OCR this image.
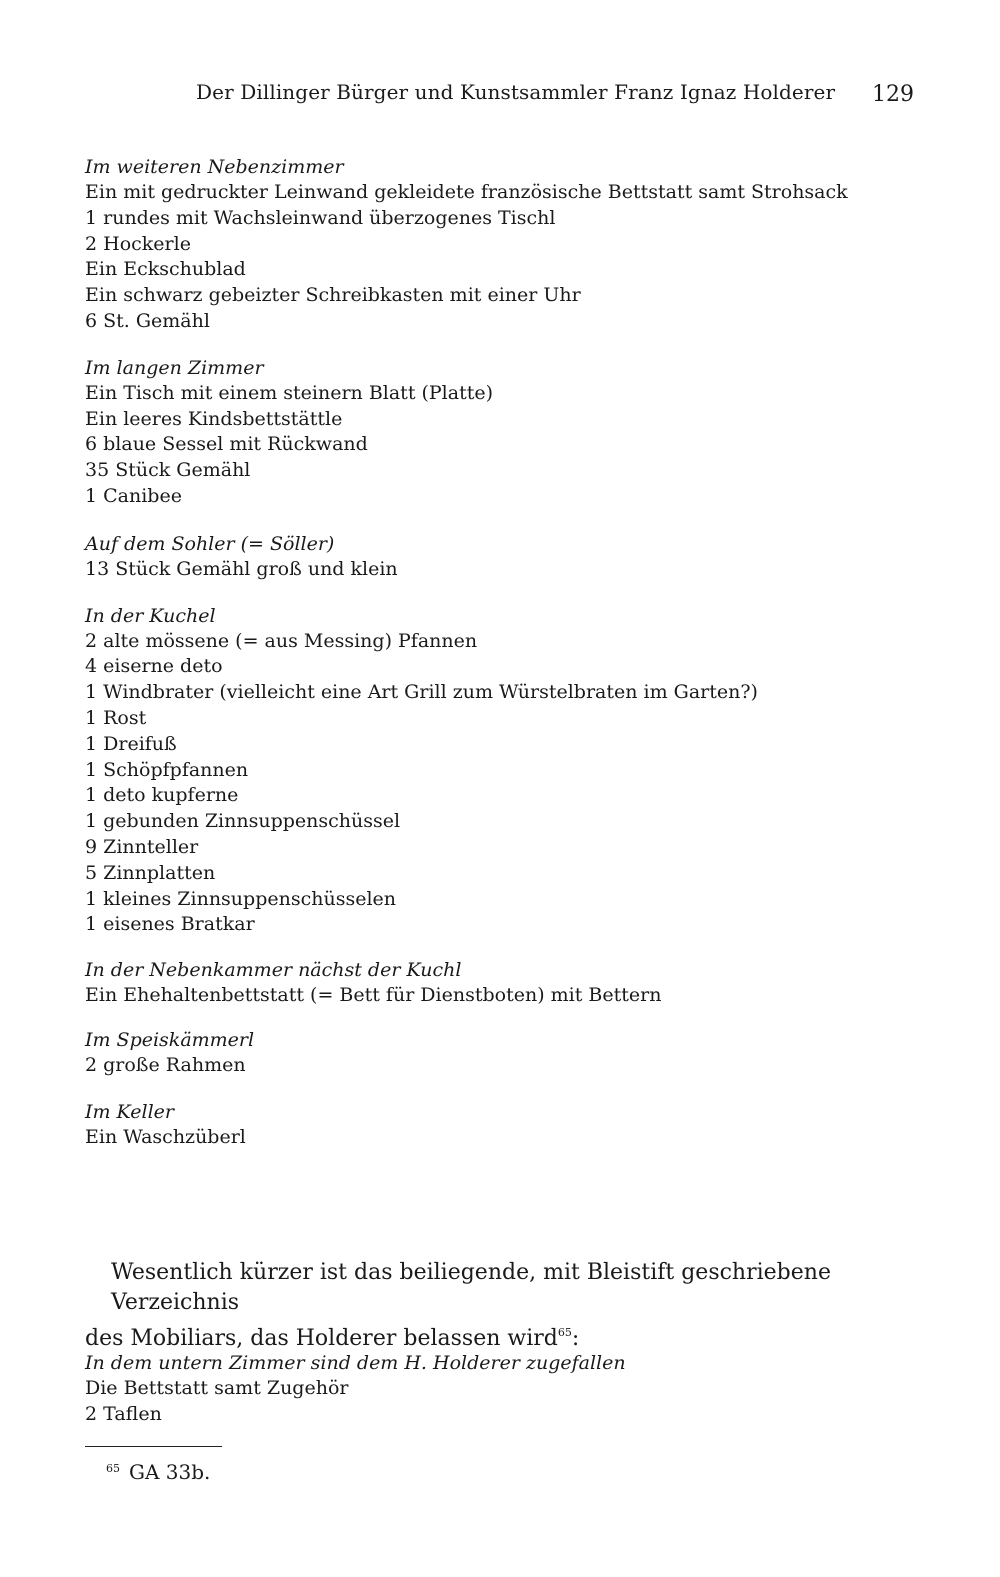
Der Dillinger Bürger und Kunstsammler Franz Ignaz Holderer 129
Im weiteren Nebenzimmer
Ein mit gedruckter Leinwand gekleidete französische Bettstatt samt Strohsack
1 rundes mit Wachsleinwand überzogenes Tischl
2 Hockerle
Ein Eckschublad
Ein schwarz gebeizter Schreibkasten mit einer Uhr
6 St. Gemähl
Im langen Zimmer
Ein Tisch mit einem steinern Blatt (Platte)
Ein leeres Kindsbettstättle
6 blaue Sessel mit Rückwand
35 Stück Gemähl
1 Canibee
Auf dem Sohler (= Söller)
13 Stück Gemähl groß und klein
In der Kuchel
2 alte mössene (= aus Messing) Pfannen
4 eiserne deto
1 Windbrater (vielleicht eine Art Grill zum Würstelbraten im Garten?)
1 Rost
1 Dreifuß
1 Schöpfpfannen
1 deto kupferne
1 gebunden Zinnsuppenschüssel
9 Zinnteller
5 Zinnplatten
1 kleines Zinnsuppenschüsselen
1 eisenes Bratkar
In der Nebenkammer nächst der Kuchl
Ein Ehehaltenbettstatt (= Bett für Dienstboten) mit Bettern
Im Speiskämmerl
2 große Rahmen
Im Keller
Ein Waschzüberl
Wesentlich kürzer ist das beiliegende, mit Bleistift geschriebene Verzeichnis
des Mobiliars, das Holderer belassen wird$^{65}$:
In dem untern Zimmer sind dem H. Holderer zugefallen
Die Bettstatt samt Zugehör
2 Taflen
$^{65}$ GA 33b.
